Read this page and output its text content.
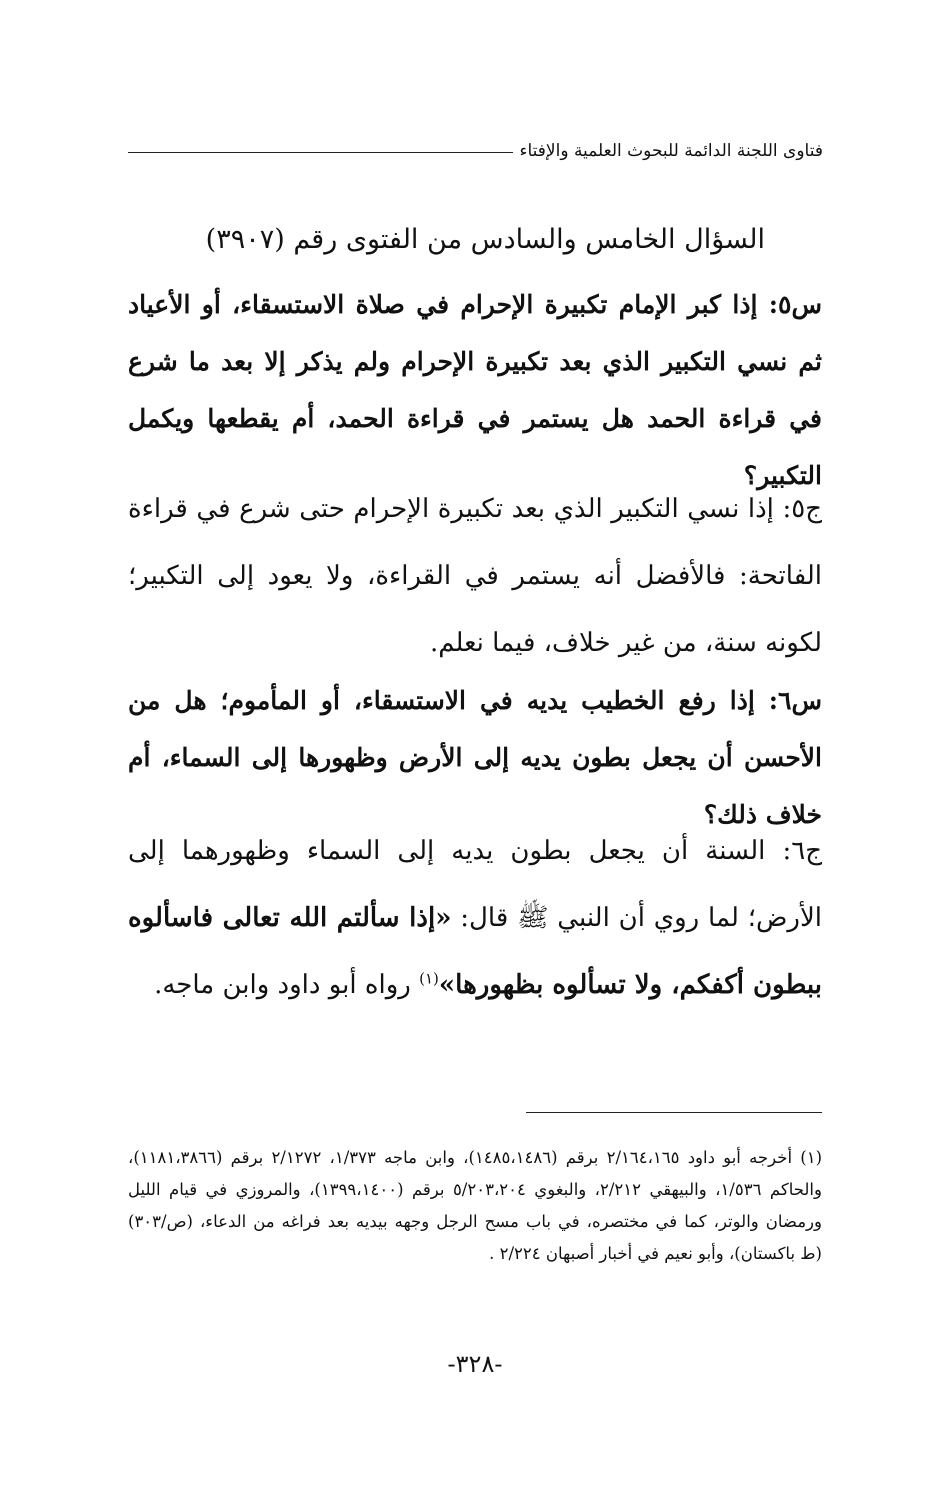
فتاوى اللجنة الدائمة للبحوث العلمية والإفتاء
السؤال الخامس والسادس من الفتوى رقم (٣٩٠٧)
س٥: إذا كبر الإمام تكبيرة الإحرام في صلاة الاستسقاء، أو الأعياد ثم نسي التكبير الذي بعد تكبيرة الإحرام ولم يذكر إلا بعد ما شرع في قراءة الحمد هل يستمر في قراءة الحمد، أم يقطعها ويكمل التكبير؟
ج٥: إذا نسي التكبير الذي بعد تكبيرة الإحرام حتى شرع في قراءة الفاتحة: فالأفضل أنه يستمر في القراءة، ولا يعود إلى التكبير؛ لكونه سنة، من غير خلاف، فيما نعلم.
س٦: إذا رفع الخطيب يديه في الاستسقاء، أو المأموم؛ هل من الأحسن أن يجعل بطون يديه إلى الأرض وظهورها إلى السماء، أم خلاف ذلك؟
ج٦: السنة أن يجعل بطون يديه إلى السماء وظهورهما إلى الأرض؛ لما روي أن النبي ﷺ قال: «إذا سألتم الله تعالى فاسألوه ببطون أكفكم، ولا تسألوه بظهورها»$^{(١)}$ رواه أبو داود وابن ماجه.
(١) أخرجه أبو داود ٢/١٦٤،١٦٥ برقم (١٤٨٥،١٤٨٦)، وابن ماجه ١/٣٧٣، ٢/١٢٧٢ برقم (١١٨١،٣٨٦٦)، والحاكم ١/٥٣٦، والبيهقي ٢/٢١٢، والبغوي ٥/٢٠٣،٢٠٤ برقم (١٣٩٩،١٤٠٠)، والمروزي في قيام الليل ورمضان والوتر، كما في مختصره، في باب مسح الرجل وجهه بيديه بعد فراغه من الدعاء، (ص/٣٠٣) (ط باكستان)، وأبو نعيم في أخبار أصبهان ٢/٢٢٤ .
-٣٢٨-
